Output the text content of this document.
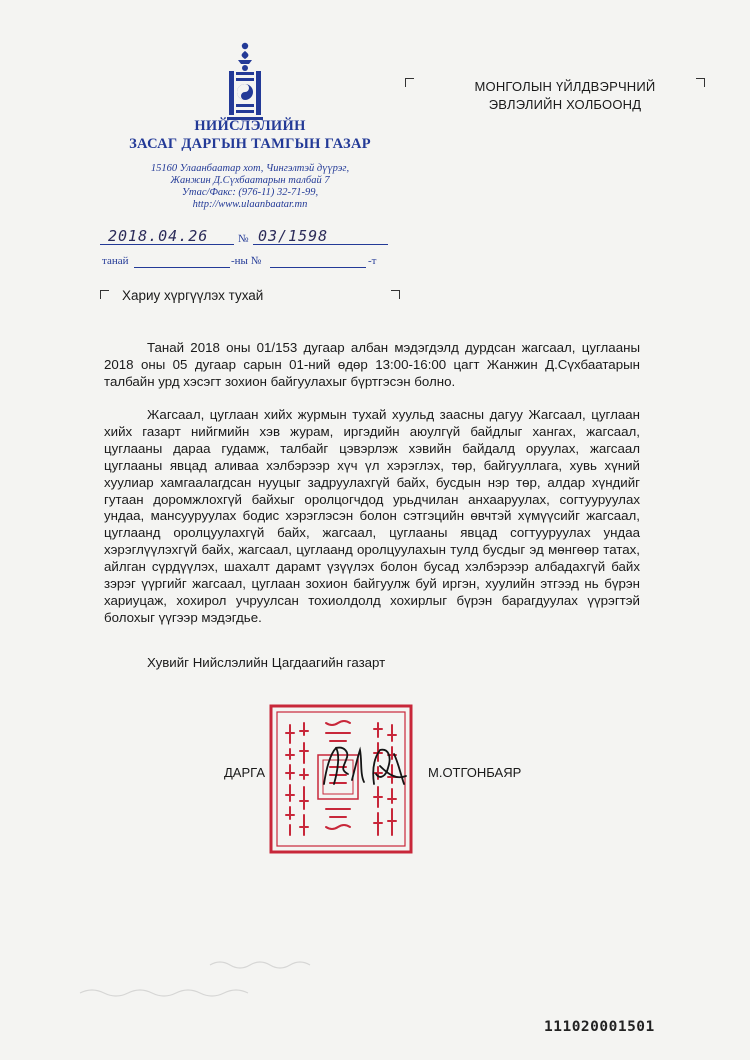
НИЙСЛЭЛИЙН
ЗАСАГ ДАРГЫН ТАМГЫН ГАЗАР
15160 Улаанбаатар хот, Чингэлтэй дүүрэг,
Жанжин Д.Сүхбаатарын талбай 7
Утас/Факс: (976-11) 32-71-99,
http://www.ulaanbaatar.mn
2018.04.26	№ 03/1598
танай	-ны №	-т
МОНГОЛЫН ҮЙЛДВЭРЧНИЙ
ЭВЛЭЛИЙН ХОЛБООНД
Хариу хүргүүлэх тухай
Танай 2018 оны 01/153 дугаар албан мэдэгдэлд дурдсан жагсаал, цуглааны 2018 оны 05 дугаар сарын 01-ний өдөр 13:00-16:00 цагт Жанжин Д.Сүхбаатарын талбайн урд хэсэгт зохион байгуулахыг бүртгэсэн болно.
Жагсаал, цуглаан хийх журмын тухай хуульд заасны дагуу Жагсаал, цуглаан хийх газарт нийгмийн хэв журам, иргэдийн аюулгүй байдлыг хангах, жагсаал, цуглааны дараа гудамж, талбайг цэвэрлэж хэвийн байдалд оруулах, жагсаал цуглааны явцад аливаа хэлбэрээр хүч үл хэрэглэх, төр, байгууллага, хувь хүний хуулиар хамгаалагдсан нууцыг задруулахгүй байх, бусдын нэр төр, алдар хүндийг гутаан доромжлохгүй байхыг оролцогчдод урьдчилан анхааруулах, согтууруулах ундаа, мансууруулах бодис хэрэглэсэн болон сэтгэцийн өвчтэй хүмүүсийг жагсаал, цуглаанд оролцуулахгүй байх, жагсаал, цуглааны явцад согтууруулах ундаа хэрэглүүлэхгүй байх, жагсаал, цуглаанд оролцуулахын тулд бусдыг эд мөнгөөр татах, айлган сүрдүүлэх, шахалт дарамт үзүүлэх болон бусад хэлбэрээр албадахгүй байх зэрэг үүргийг жагсаал, цуглаан зохион байгуулж буй иргэн, хуулийн этгээд нь бүрэн хариуцаж, хохирол учруулсан тохиолдолд хохирлыг бүрэн барагдуулах үүрэгтэй болохыг үүгээр мэдэгдье.
Хувийг Нийслэлийн Цагдаагийн газарт
ДАРГА	М.ОТГОНБАЯР
111020001501
